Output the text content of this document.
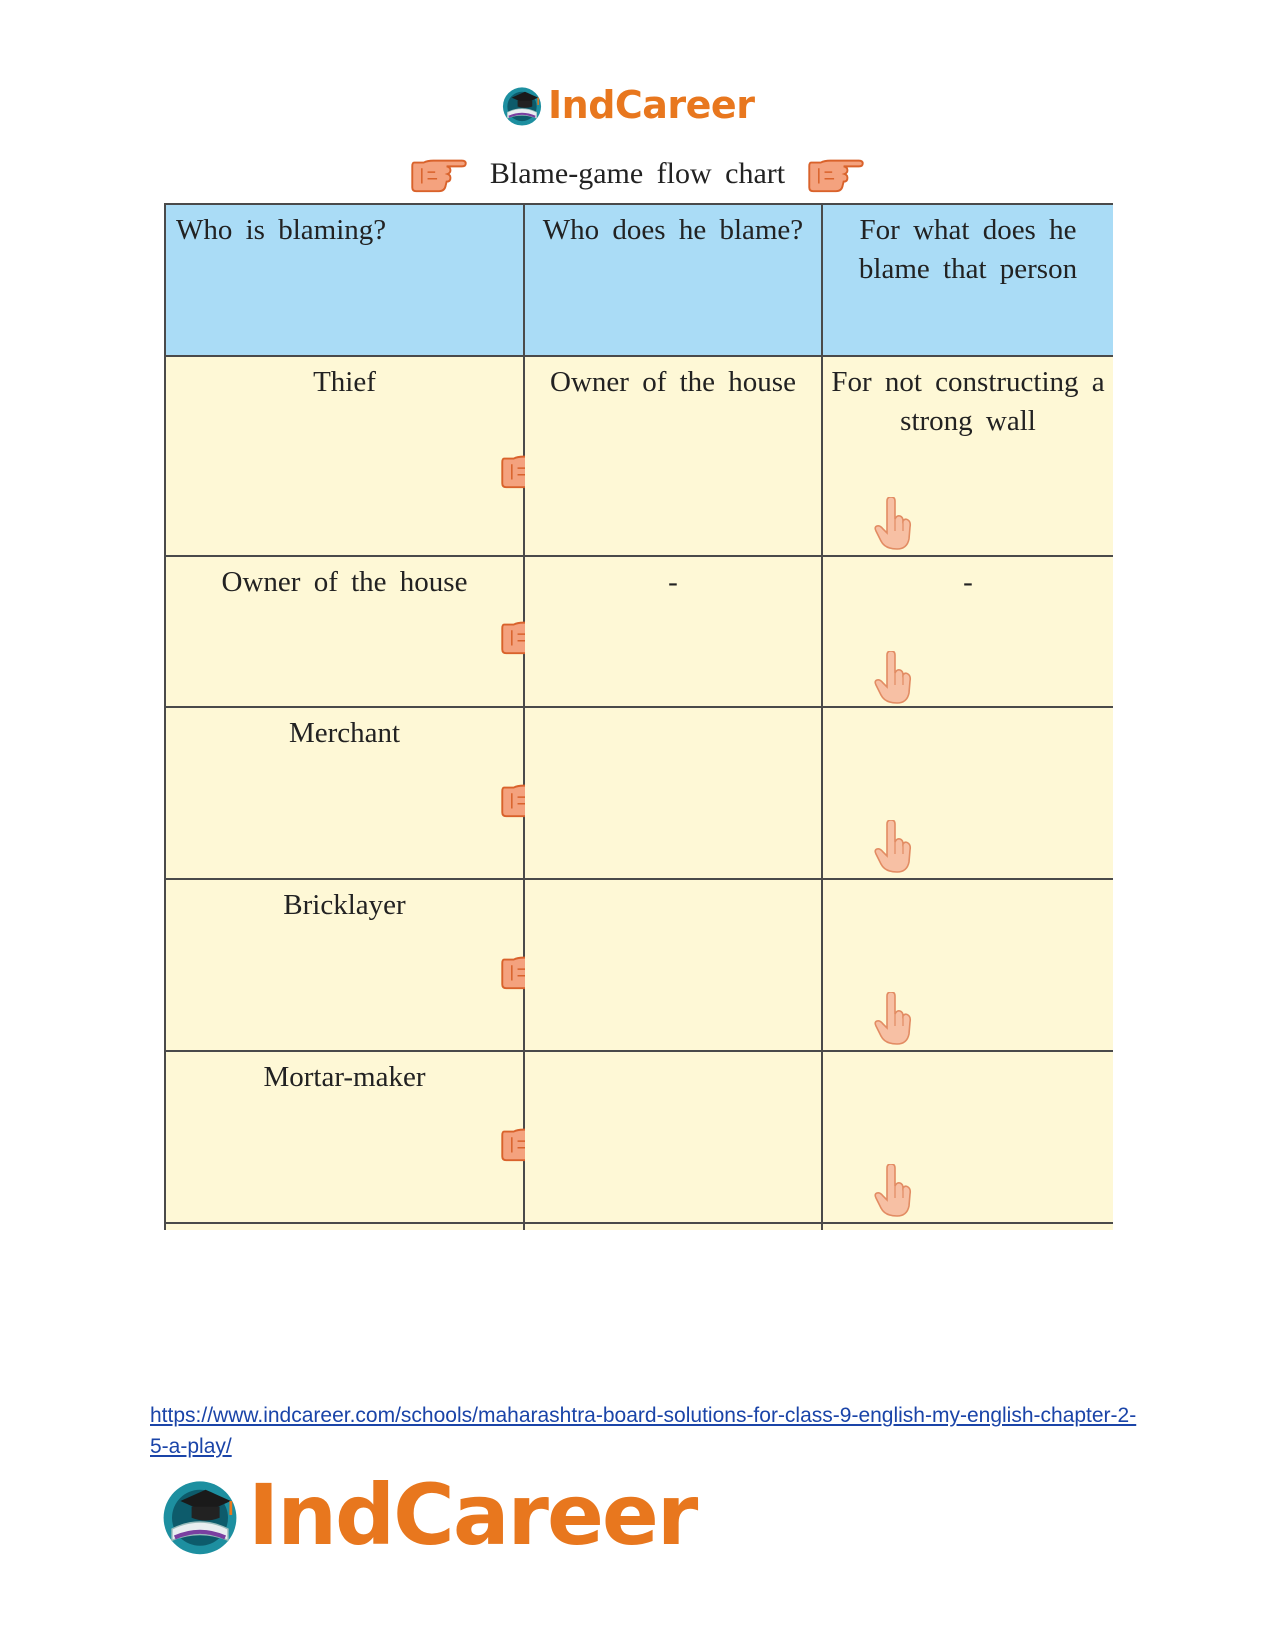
IndCareer
Blame-game flow chart
Who is blaming?	Who does he blame?	For what does he blame that person

Thief	Owner of the house	For not constructing a strong wall

Owner of the house	-	-

Merchant

Bricklayer

Mortar-maker

https://www.indcareer.com/schools/maharashtra-board-solutions-for-class-9-english-my-english-chapter-2-5-a-play/
IndCareer
